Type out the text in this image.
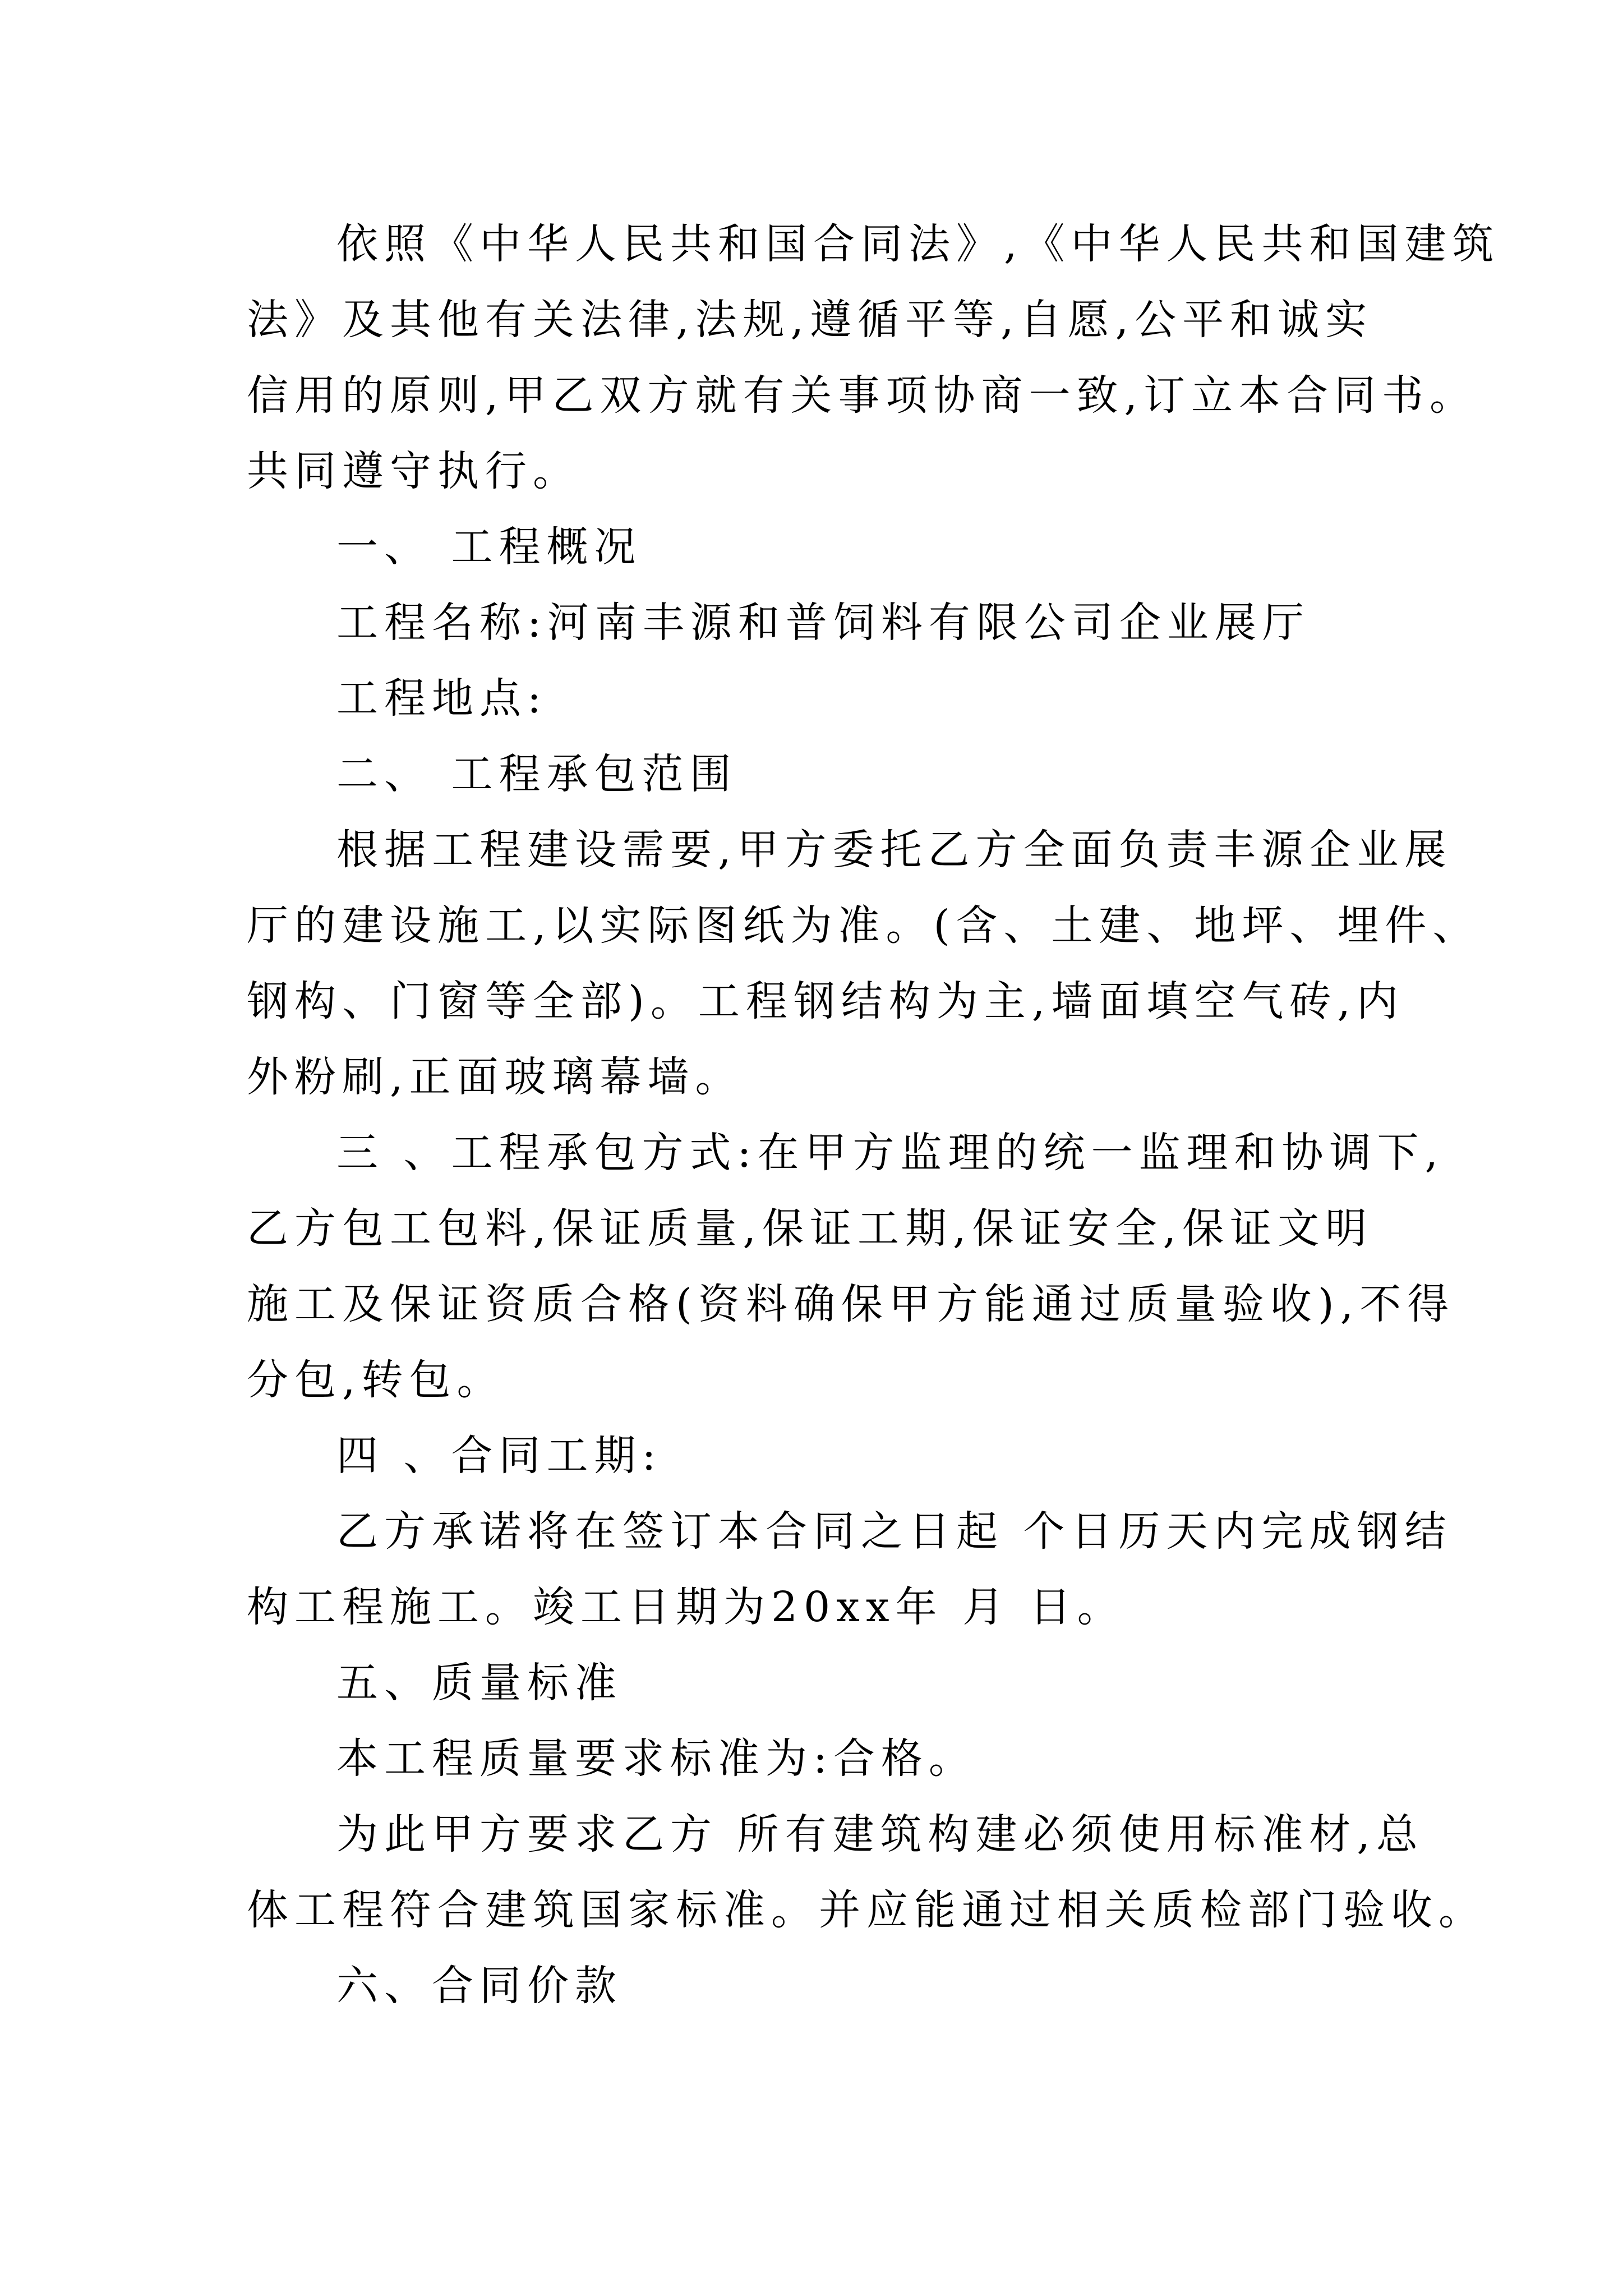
依照《中华人民共和国合同法》,《中华人民共和国建筑
法》及其他有关法律,法规,遵循平等,自愿,公平和诚实
信用的原则,甲乙双方就有关事项协商一致,订立本合同书。
共同遵守执行。
一、 工程概况
工程名称:河南丰源和普饲料有限公司企业展厅
工程地点:
二、 工程承包范围
根据工程建设需要,甲方委托乙方全面负责丰源企业展
厅的建设施工,以实际图纸为准。(含、土建、地坪、埋件、
钢构、门窗等全部)。工程钢结构为主,墙面填空气砖,内
外粉刷,正面玻璃幕墙。
三 、工程承包方式:在甲方监理的统一监理和协调下,
乙方包工包料,保证质量,保证工期,保证安全,保证文明
施工及保证资质合格(资料确保甲方能通过质量验收),不得
分包,转包。
四 、合同工期:
乙方承诺将在签订本合同之日起 个日历天内完成钢结
构工程施工。竣工日期为20xx年 月 日。
五、质量标准
本工程质量要求标准为:合格。
为此甲方要求乙方 所有建筑构建必须使用标准材,总
体工程符合建筑国家标准。并应能通过相关质检部门验收。
六、合同价款
